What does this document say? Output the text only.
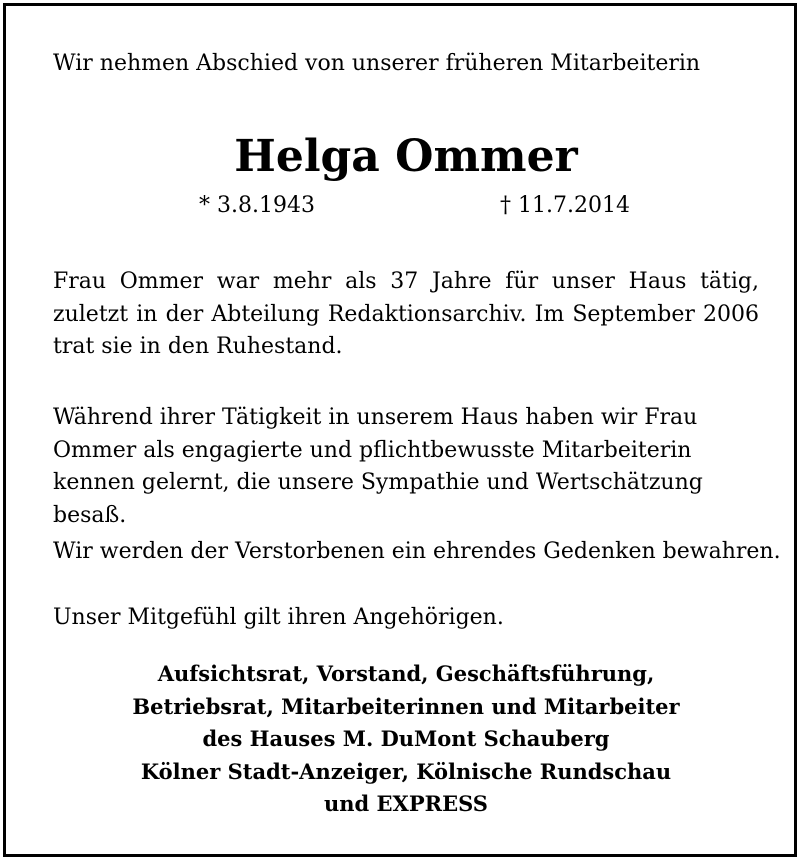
Wir nehmen Abschied von unserer früheren Mitarbeiterin
Helga Ommer
* 3.8.1943	† 11.7.2014
Frau Ommer war mehr als 37 Jahre für unser Haus tätig, zuletzt in der Abteilung Redaktionsarchiv. Im September 2006 trat sie in den Ruhestand.
Während ihrer Tätigkeit in unserem Haus haben wir Frau Ommer als engagierte und pflichtbewusste Mitarbeiterin kennen gelernt, die unsere Sympathie und Wertschätzung besaß.
Wir werden der Verstorbenen ein ehrendes Gedenken bewahren.
Unser Mitgefühl gilt ihren Angehörigen.
Aufsichtsrat, Vorstand, Geschäftsführung,
Betriebsrat, Mitarbeiterinnen und Mitarbeiter
des Hauses M. DuMont Schauberg
Kölner Stadt-Anzeiger, Kölnische Rundschau
und EXPRESS
